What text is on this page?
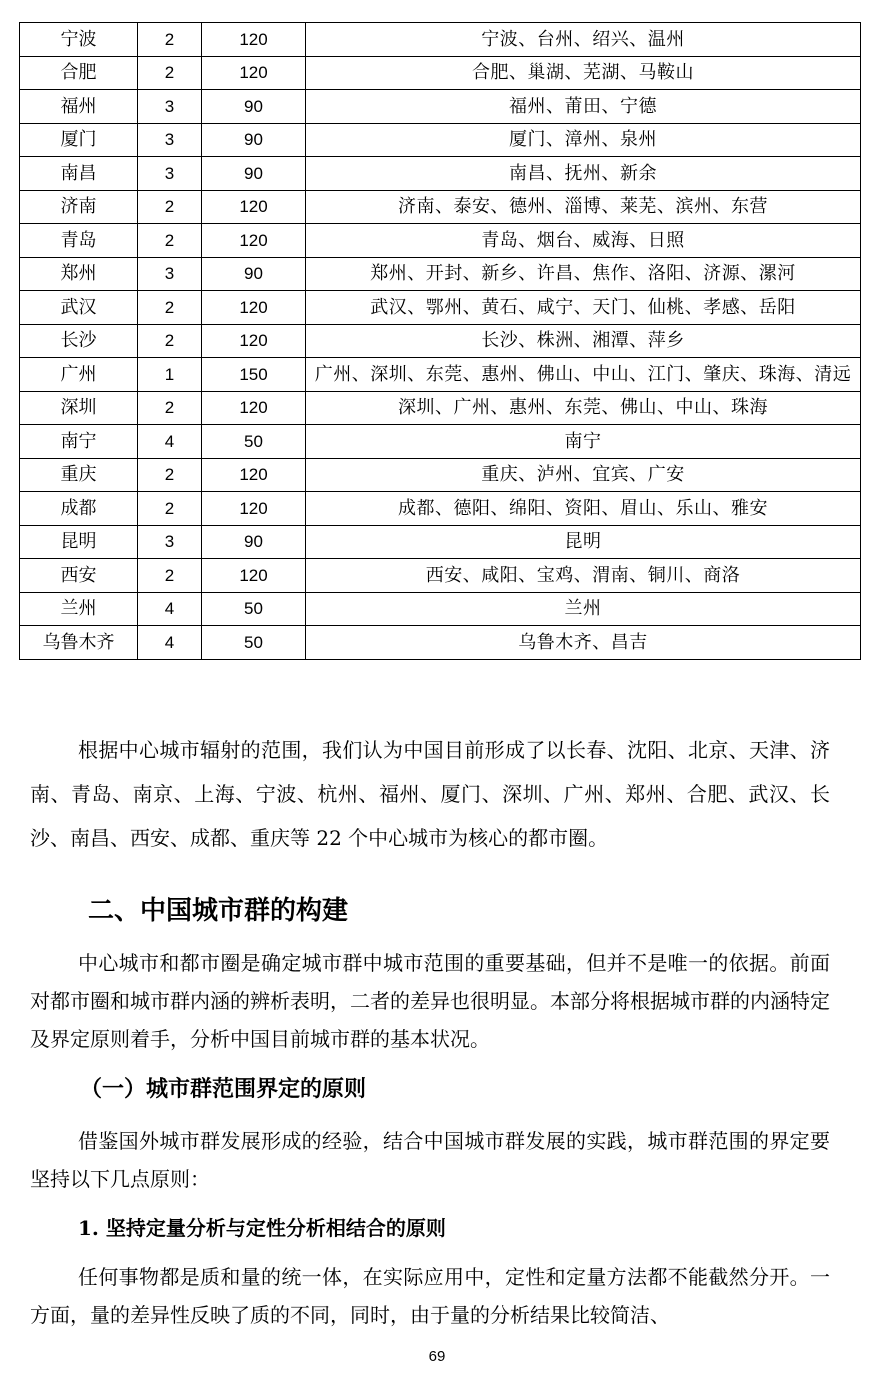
宁波	2	120	宁波、台州、绍兴、温州
合肥	2	120	合肥、巢湖、芜湖、马鞍山
福州	3	90	福州、莆田、宁德
厦门	3	90	厦门、漳州、泉州
南昌	3	90	南昌、抚州、新余
济南	2	120	济南、泰安、德州、淄博、莱芜、滨州、东营
青岛	2	120	青岛、烟台、威海、日照
郑州	3	90	郑州、开封、新乡、许昌、焦作、洛阳、济源、漯河
武汉	2	120	武汉、鄂州、黄石、咸宁、天门、仙桃、孝感、岳阳
长沙	2	120	长沙、株洲、湘潭、萍乡
广州	1	150	广州、深圳、东莞、惠州、佛山、中山、江门、肇庆、珠海、清远
深圳	2	120	深圳、广州、惠州、东莞、佛山、中山、珠海
南宁	4	50	南宁
重庆	2	120	重庆、泸州、宜宾、广安
成都	2	120	成都、德阳、绵阳、资阳、眉山、乐山、雅安
昆明	3	90	昆明
西安	2	120	西安、咸阳、宝鸡、渭南、铜川、商洛
兰州	4	50	兰州
乌鲁木齐	4	50	乌鲁木齐、昌吉

根据中心城市辐射的范围，我们认为中国目前形成了以长春、沈阳、北京、天津、济南、青岛、南京、上海、宁波、杭州、福州、厦门、深圳、广州、郑州、合肥、武汉、长沙、南昌、西安、成都、重庆等 22 个中心城市为核心的都市圈。

二、中国城市群的构建

中心城市和都市圈是确定城市群中城市范围的重要基础，但并不是唯一的依据。前面对都市圈和城市群内涵的辨析表明，二者的差异也很明显。本部分将根据城市群的内涵特定及界定原则着手，分析中国目前城市群的基本状况。

（一）城市群范围界定的原则

借鉴国外城市群发展形成的经验，结合中国城市群发展的实践，城市群范围的界定要坚持以下几点原则：

1. 坚持定量分析与定性分析相结合的原则

任何事物都是质和量的统一体，在实际应用中，定性和定量方法都不能截然分开。一方面，量的差异性反映了质的不同，同时，由于量的分析结果比较简洁、

69
